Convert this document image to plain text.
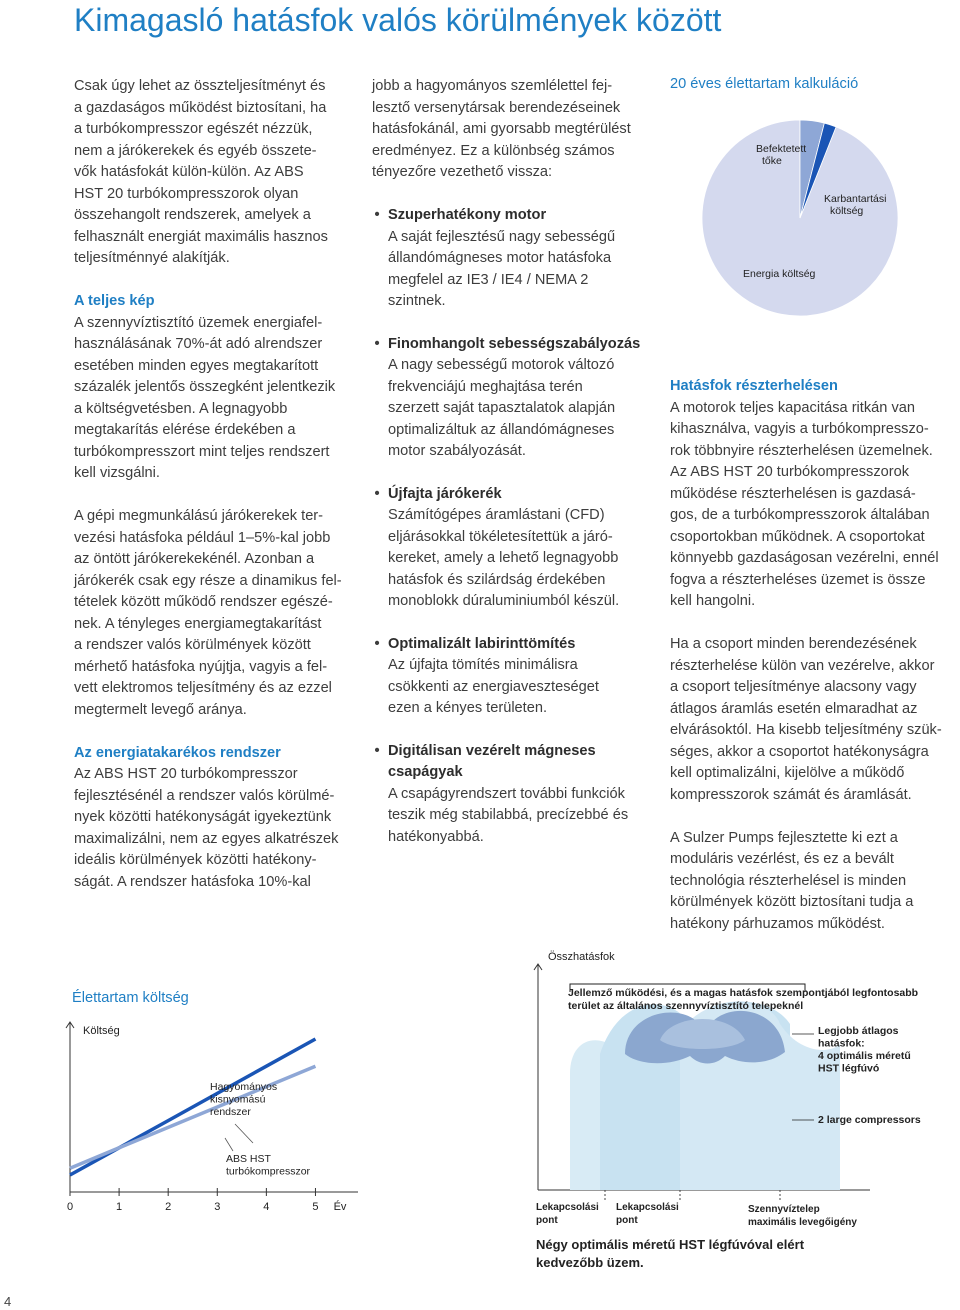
Kimagasló hatásfok valós körülmények között

Csak úgy lehet az összteljesítményt és
a gazdaságos működést biztosítani, ha
a turbókompresszor egészét nézzük,
nem a járókerekek és egyéb összete-
vők hatásfokát külön-külön. Az ABS
HST 20 turbókompresszorok olyan
összehangolt rendszerek, amelyek a
felhasznált energiát maximális hasznos
teljesítménnyé alakítják.

A teljes kép

A szennyvíztisztító üzemek energiafel-
használásának 70%-át adó alrendszer
esetében minden egyes megtakarított
százalék jelentős összegként jelentkezik
a költségvetésben. A legnagyobb
megtakarítás elérése érdekében a
turbókompresszort mint teljes rendszert
kell vizsgálni.

A gépi megmunkálású járókerekek ter-
vezési hatásfoka például 1–5%-kal jobb
az öntött járókerekekénél. Azonban a
járókerék csak egy része a dinamikus fel-
tételek között működő rendszer egészé-
nek. A tényleges energiamegtakarítást
a rendszer valós körülmények között
mérhető hatásfoka nyújtja, vagyis a fel-
vett elektromos teljesítmény és az ezzel
megtermelt levegő aránya.

Az energiatakarékos rendszer

Az ABS HST 20 turbókompresszor
fejlesztésénél a rendszer valós körülmé-
nyek közötti hatékonyságát igyekeztünk
maximalizálni, nem az egyes alkatrészek
ideális körülmények közötti hatékony-
ságát. A rendszer hatásfoka 10%-kal

jobb a hagyományos szemlélettel fej-
lesztő versenytársak berendezéseinek
hatásfokánál, ami gyorsabb megtérülést
eredményez. Ez a különbség számos
tényezőre vezethető vissza:

• Szuperhatékony motor
A saját fejlesztésű nagy sebességű
állandómágneses motor hatásfoka
megfelel az IE3 / IE4 / NEMA 2
szintnek.
• Finomhangolt sebességszabályozás
A nagy sebességű motorok változó
frekvenciájú meghajtása terén
szerzett saját tapasztalatok alapján
optimalizáltuk az állandómágneses
motor szabályozását.
• Újfajta járókerék
Számítógépes áramlástani (CFD)
eljárásokkal tökéletesítettük a járó-
kereket, amely a lehető legnagyobb
hatásfok és szilárdság érdekében
monoblokk dúraluminiumból készül.
• Optimalizált labirinttömítés
Az újfajta tömítés minimálisra
csökkenti az energiaveszteséget
ezen a kényes területen.
• Digitálisan vezérelt mágneses
csapágyak
A csapágyrendszert további funkciók
teszik még stabilabbá, precízebbé és
hatékonyabbá.
20 éves élettartam kalkuláció
Befektetett
tőke
Karbantartási
költség
Energia költség
Hatásfok részterhelésen

A motorok teljes kapacitása ritkán van
kihasználva, vagyis a turbókompresszo-
rok többnyire részterhelésen üzemelnek.
Az ABS HST 20 turbókompresszorok
működése részterhelésen is gazdasá-
gos, de a turbókompresszorok általában
csoportokban működnek. A csoportokat
könnyebb gazdaságosan vezérelni, ennél
fogva a részterheléses üzemet is össze
kell hangolni.

Ha a csoport minden berendezésének
részterhelése külön van vezérelve, akkor
a csoport teljesítménye alacsony vagy
átlagos áramlás esetén elmaradhat az
elvárásoktól. Ha kisebb teljesítmény szük-
séges, akkor a csoportot hatékonyságra
kell optimalizálni, kijelölve a működő
kompresszorok számát és áramlását.

A Sulzer Pumps fejlesztette ki ezt a
moduláris vezérlést, és ez a bevált
technológia részterhelésel is minden
körülmények között biztosítani tudja a
hatékony párhuzamos működést.

Élettartam költség
Költség
0	1	2	3	4	5 Év
Hagyományos
kisnyomású
rendszer
ABS HST
turbókompresszor
Összhatásfok
Jellemző működési, és a magas hatásfok szempontjából legfontosabb
terület az általános szennyvíztisztító telepeknél
Legjobb átlagos
hatásfok:
4 optimális méretű
HST légfúvó
2 large compressors
Lekapcsolási
pont
Lekapcsolási
pont
Szennyvíztelep
maximális levegőigény
Négy optimális méretű HST légfúvóval elért
kedvezőbb üzem.
4
